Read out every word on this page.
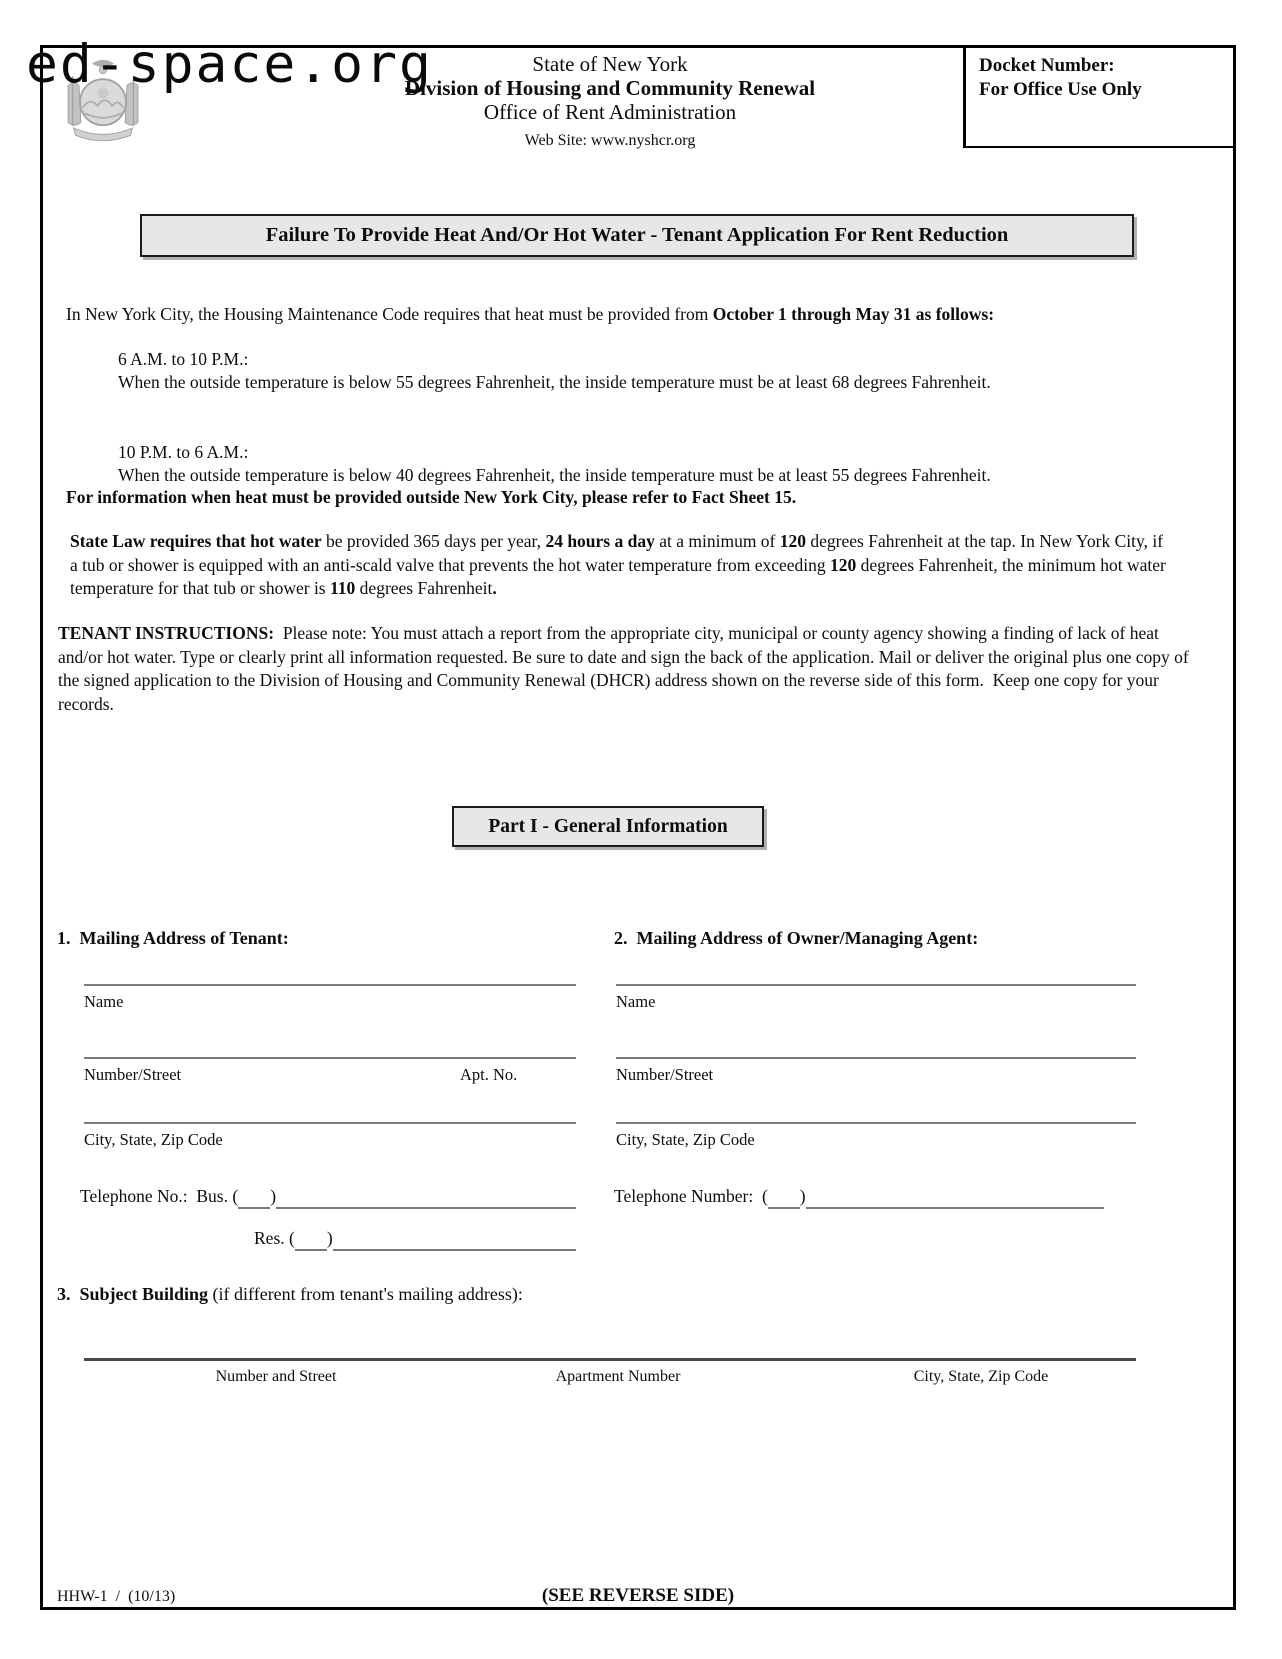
ed-space.org	State of New York
Division of Housing and Community Renewal
Office of Rent Administration
Web Site: www.nyshcr.org
Docket Number:
For Office Use Only
Failure To Provide Heat And/Or Hot Water - Tenant Application For Rent Reduction
In New York City, the Housing Maintenance Code requires that heat must be provided from October 1 through May 31 as follows:
6 A.M. to 10 P.M.:
When the outside temperature is below 55 degrees Fahrenheit, the inside temperature must be at least 68 degrees Fahrenheit.
10 P.M. to 6 A.M.:
When the outside temperature is below 40 degrees Fahrenheit, the inside temperature must be at least 55 degrees Fahrenheit.
For information when heat must be provided outside New York City, please refer to Fact Sheet 15.
State Law requires that hot water be provided 365 days per year, 24 hours a day at a minimum of 120 degrees Fahrenheit at the tap. In New York City, if a tub or shower is equipped with an anti-scald valve that prevents the hot water temperature from exceeding 120 degrees Fahrenheit, the minimum hot water temperature for that tub or shower is 110 degrees Fahrenheit.
TENANT INSTRUCTIONS:  Please note: You must attach a report from the appropriate city, municipal or county agency showing a finding of lack of heat and/or hot water. Type or clearly print all information requested. Be sure to date and sign the back of the application. Mail or deliver the original plus one copy of the signed application to the Division of Housing and Community Renewal (DHCR) address shown on the reverse side of this form.  Keep one copy for your records.
Part I - General Information
1.  Mailing Address of Tenant:
Name
Number/Street	Apt. No.
City, State, Zip Code
Telephone No.:  Bus. ( )
Res. ( )
2.  Mailing Address of Owner/Managing Agent:
Name
Number/Street
City, State, Zip Code
Telephone Number:  ( )
3.  Subject Building (if different from tenant's mailing address):
Number and Street	Apartment Number	City, State, Zip Code
HHW-1  /  (10/13)	(SEE REVERSE SIDE)
